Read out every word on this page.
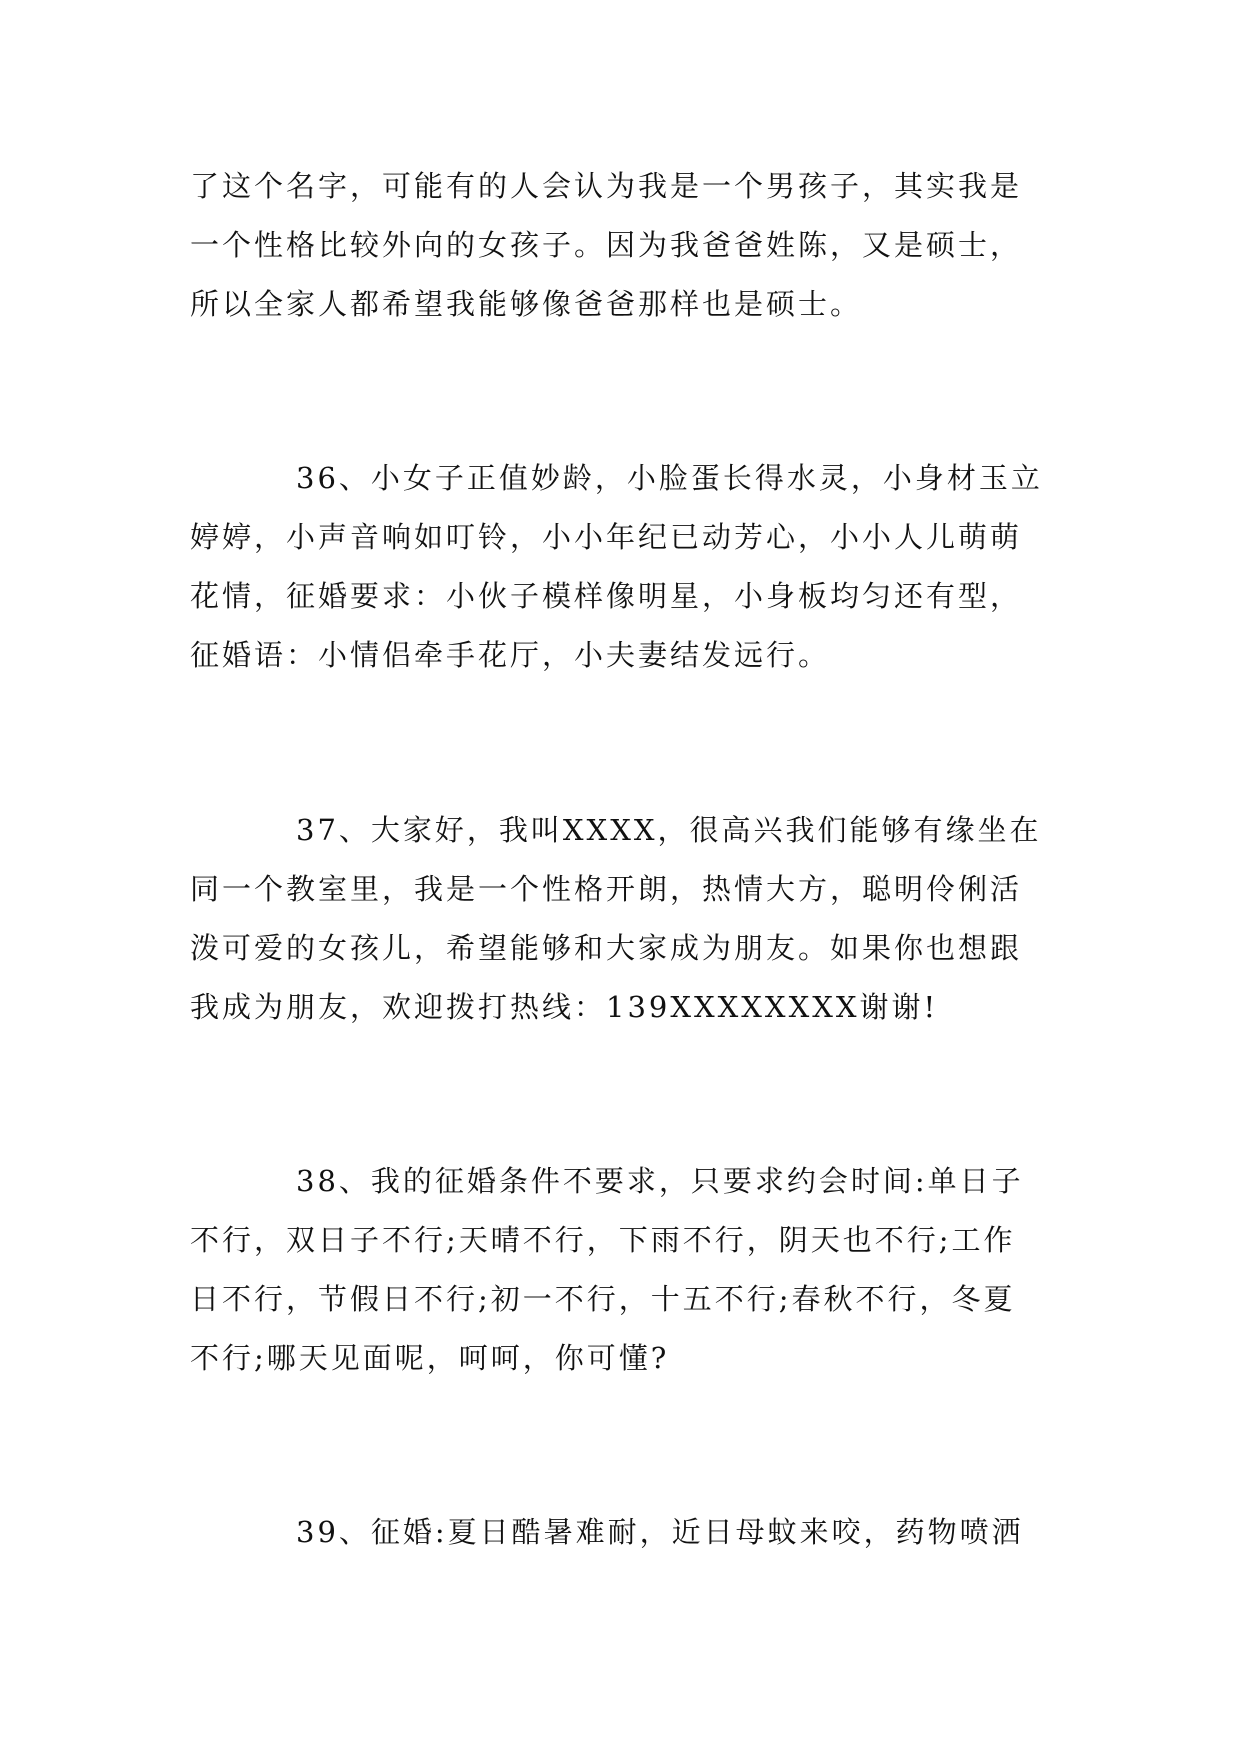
了这个名字，可能有的人会认为我是一个男孩子，其实我是
一个性格比较外向的女孩子。因为我爸爸姓陈，又是硕士，
所以全家人都希望我能够像爸爸那样也是硕士。
36、小女子正值妙龄，小脸蛋长得水灵，小身材玉立
婷婷，小声音响如叮铃，小小年纪已动芳心，小小人儿萌萌
花情，征婚要求：小伙子模样像明星，小身板均匀还有型，
征婚语：小情侣牵手花厅，小夫妻结发远行。
37、大家好，我叫XXXX，很高兴我们能够有缘坐在
同一个教室里，我是一个性格开朗，热情大方，聪明伶俐活
泼可爱的女孩儿，希望能够和大家成为朋友。如果你也想跟
我成为朋友，欢迎拨打热线：139XXXXXXXX谢谢!
38、我的征婚条件不要求，只要求约会时间:单日子
不行，双日子不行;天晴不行，下雨不行，阴天也不行;工作
日不行，节假日不行;初一不行，十五不行;春秋不行，冬夏
不行;哪天见面呢，呵呵，你可懂?
39、征婚:夏日酷暑难耐，近日母蚊来咬，药物喷洒
